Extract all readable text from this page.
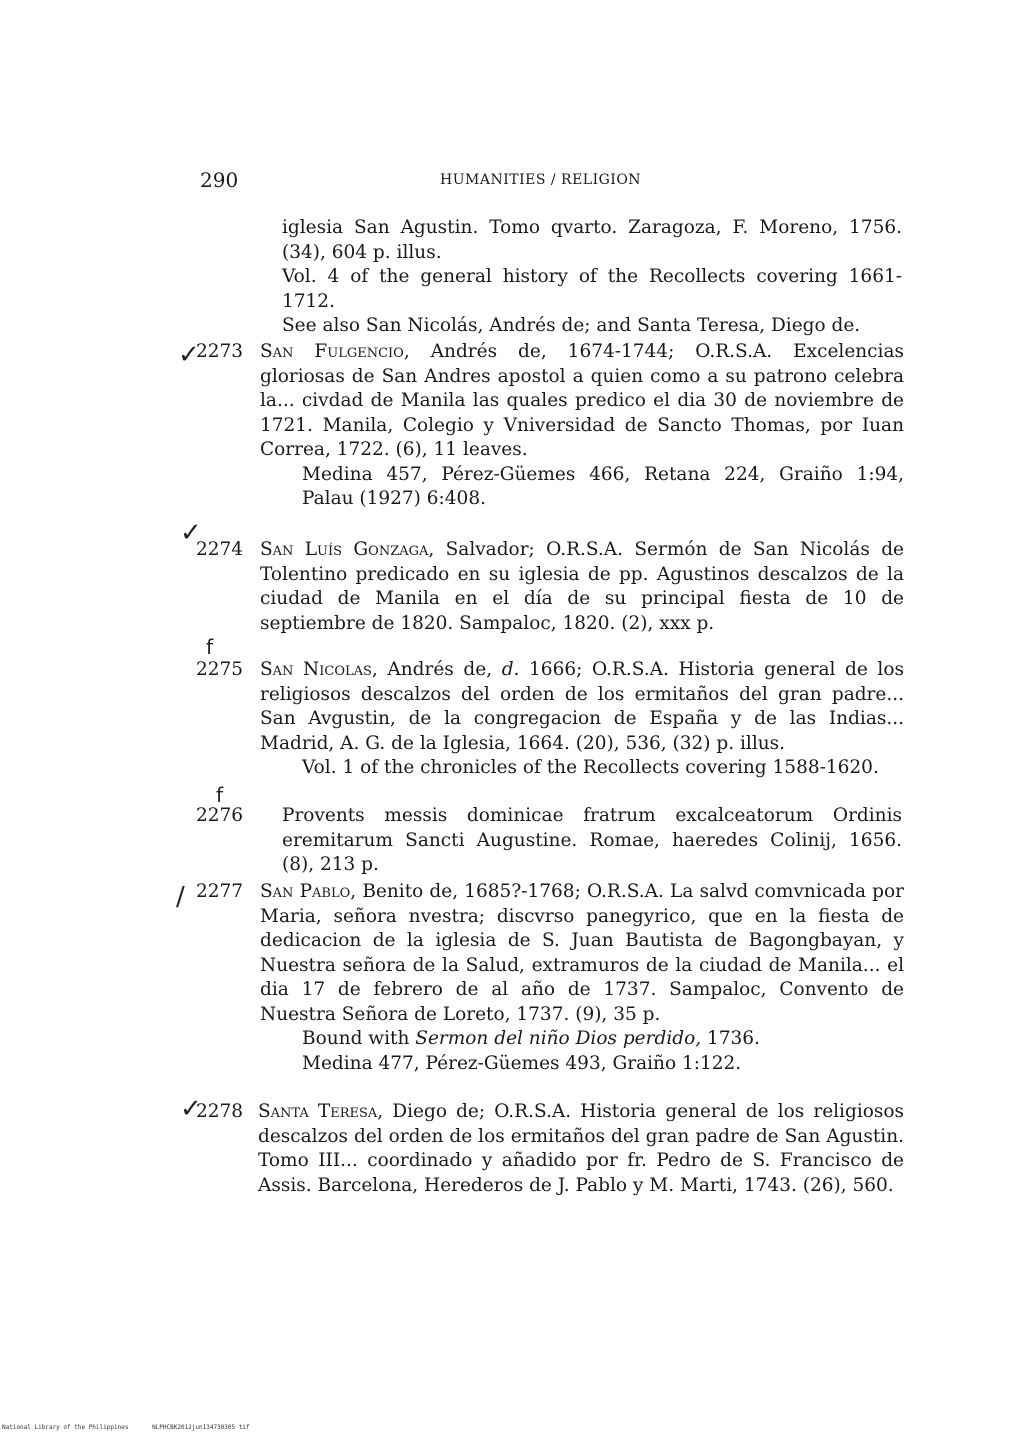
290	HUMANITIES / RELIGION

iglesia San Agustin. Tomo qvarto. Zaragoza, F. Moreno, 1756. (34), 604 p. illus.

Vol. 4 of the general history of the Recollects covering 1661-1712.

See also San Nicolás, Andrés de; and Santa Teresa, Diego de.

✓
2273 San Fulgencio, Andrés de, 1674-1744; O.R.S.A. Excelencias gloriosas de San Andres apostol a quien como a su patrono celebra la... civdad de Manila las quales predico el dia 30 de noviembre de 1721. Manila, Colegio y Vniversidad de Sancto Thomas, por Iuan Correa, 1722. (6), 11 leaves.

Medina 457, Pérez-Güemes 466, Retana 224, Graiño 1:94, Palau (1927) 6:408.

✓
2274 San Luís Gonzaga, Salvador; O.R.S.A. Sermón de San Nicolás de Tolentino predicado en su iglesia de pp. Agustinos descalzos de la ciudad de Manila en el día de su principal fiesta de 10 de septiembre de 1820. Sampaloc, 1820. (2), xxx p.

f
2275 San Nicolas, Andrés de, d. 1666; O.R.S.A. Historia general de los religiosos descalzos del orden de los ermitaños del gran padre... San Avgustin, de la congregacion de España y de las Indias... Madrid, A. G. de la Iglesia, 1664. (20), 536, (32) p. illus.

Vol. 1 of the chronicles of the Recollects covering 1588-1620.

f
2276 Provents messis dominicae fratrum excalceatorum Ordinis eremitarum Sancti Augustine. Romae, haeredes Colinij, 1656. (8), 213 p.

/ 2277 San Pablo, Benito de, 1685?-1768; O.R.S.A. La salvd comvnicada por Maria, señora nvestra; discvrso panegyrico, que en la fiesta de dedicacion de la iglesia de S. Juan Bautista de Bagongbayan, y Nuestra señora de la Salud, extramuros de la ciudad de Manila... el dia 17 de febrero de al año de 1737. Sampaloc, Convento de Nuestra Señora de Loreto, 1737. (9), 35 p.

Bound with Sermon del niño Dios perdido, 1736.

Medina 477, Pérez-Güemes 493, Graiño 1:122.

✓
2278 Santa Teresa, Diego de; O.R.S.A. Historia general de los religiosos descalzos del orden de los ermitaños del gran padre de San Agustin. Tomo III... coordinado y añadido por fr. Pedro de S. Francisco de Assis. Barcelona, Herederos de J. Pablo y M. Marti, 1743. (26), 560.

National Library of the Philippines	NLPHCBK2012jun134730305 tif
